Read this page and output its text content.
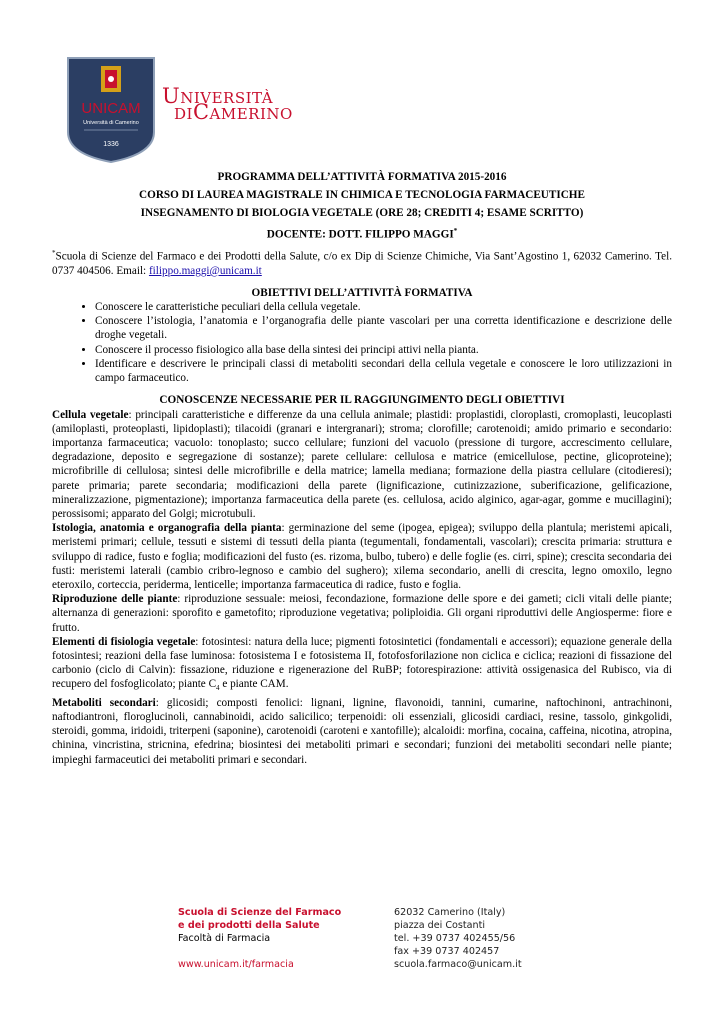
UNICAM
Università di Camerino
1336
Università
diCamerino
PROGRAMMA DELL’ATTIVITÀ FORMATIVA 2015-2016
CORSO DI LAUREA MAGISTRALE IN CHIMICA E TECNOLOGIA FARMACEUTICHE
INSEGNAMENTO DI BIOLOGIA VEGETALE (ORE 28; CREDITI 4; ESAME SCRITTO)
DOCENTE: DOTT. FILIPPO MAGGI*

*Scuola di Scienze del Farmaco e dei Prodotti della Salute, c/o ex Dip di Scienze Chimiche, Via Sant’Agostino 1, 62032 Camerino. Tel. 0737 404506. Email: filippo.maggi@unicam.it

OBIETTIVI DELL’ATTIVITÀ FORMATIVA
• Conoscere le caratteristiche peculiari della cellula vegetale.
• Conoscere l’istologia, l’anatomia e l’organografia delle piante vascolari per una corretta identificazione e descrizione delle droghe vegetali.
• Conoscere il processo fisiologico alla base della sintesi dei principi attivi nella pianta.
• Identificare e descrivere le principali classi di metaboliti secondari della cellula vegetale e conoscere le loro utilizzazioni in campo farmaceutico.
CONOSCENZE NECESSARIE PER IL RAGGIUNGIMENTO DEGLI OBIETTIVI

Cellula vegetale: principali caratteristiche e differenze da una cellula animale; plastidi: proplastidi, cloroplasti, cromoplasti, leucoplasti (amiloplasti, proteoplasti, lipidoplasti); tilacoidi (granari e intergranari); stroma; clorofille; carotenoidi; amido primario e secondario: importanza farmaceutica; vacuolo: tonoplasto; succo cellulare; funzioni del vacuolo (pressione di turgore, accrescimento cellulare, degradazione, deposito e segregazione di sostanze); parete cellulare: cellulosa e matrice (emicellulose, pectine, glicoproteine); microfibrille di cellulosa; sintesi delle microfibrille e della matrice; lamella mediana; formazione della piastra cellulare (citodieresi); parete primaria; parete secondaria; modificazioni della parete (lignificazione, cutinizzazione, suberificazione, gelificazione, mineralizzazione, pigmentazione); importanza farmaceutica della parete (es. cellulosa, acido alginico, agar-agar, gomme e mucillagini); perossisomi; apparato del Golgi; microtubuli.

Istologia, anatomia e organografia della pianta: germinazione del seme (ipogea, epigea); sviluppo della plantula; meristemi apicali, meristemi primari; cellule, tessuti e sistemi di tessuti della pianta (tegumentali, fondamentali, vascolari); crescita primaria: struttura e sviluppo di radice, fusto e foglia; modificazioni del fusto (es. rizoma, bulbo, tubero) e delle foglie (es. cirri, spine); crescita secondaria dei fusti: meristemi laterali (cambio cribro-legnoso e cambio del sughero); xilema secondario, anelli di crescita, legno omoxilo, legno eteroxilo, corteccia, periderma, lenticelle; importanza farmaceutica di radice, fusto e foglia.

Riproduzione delle piante: riproduzione sessuale: meiosi, fecondazione, formazione delle spore e dei gameti; cicli vitali delle piante; alternanza di generazioni: sporofito e gametofito; riproduzione vegetativa; poliploidia. Gli organi riproduttivi delle Angiosperme: fiore e frutto.

Elementi di fisiologia vegetale: fotosintesi: natura della luce; pigmenti fotosintetici (fondamentali e accessori); equazione generale della fotosintesi; reazioni della fase luminosa: fotosistema I e fotosistema II, fotofosforilazione non ciclica e ciclica; reazioni di fissazione del carbonio (ciclo di Calvin): fissazione, riduzione e rigenerazione del RuBP; fotorespirazione: attività ossigenasica del Rubisco, via di recupero del fosfoglicolato; piante $C_4$ e piante CAM.

Metaboliti secondari: glicosidi; composti fenolici: lignani, lignine, flavonoidi, tannini, cumarine, naftochinoni, antrachinoni, naftodiantroni, floroglucinoli, cannabinoidi, acido salicilico; terpenoidi: oli essenziali, glicosidi cardiaci, resine, tassolo, ginkgolidi, steroidi, gomma, iridoidi, triterpeni (saponine), carotenoidi (caroteni e xantofille); alcaloidi: morfina, cocaina, caffeina, nicotina, atropina, chinina, vincristina, stricnina, efedrina; biosintesi dei metaboliti primari e secondari; funzioni dei metaboliti secondari nelle piante; impieghi farmaceutici dei metaboliti primari e secondari.

Scuola di Scienze del Farmaco
e dei prodotti della Salute
Facoltà di Farmacia
www.unicam.it/farmacia
62032 Camerino (Italy)
piazza dei Costanti
tel. +39 0737 402455/56
fax +39 0737 402457
scuola.farmaco@unicam.it
